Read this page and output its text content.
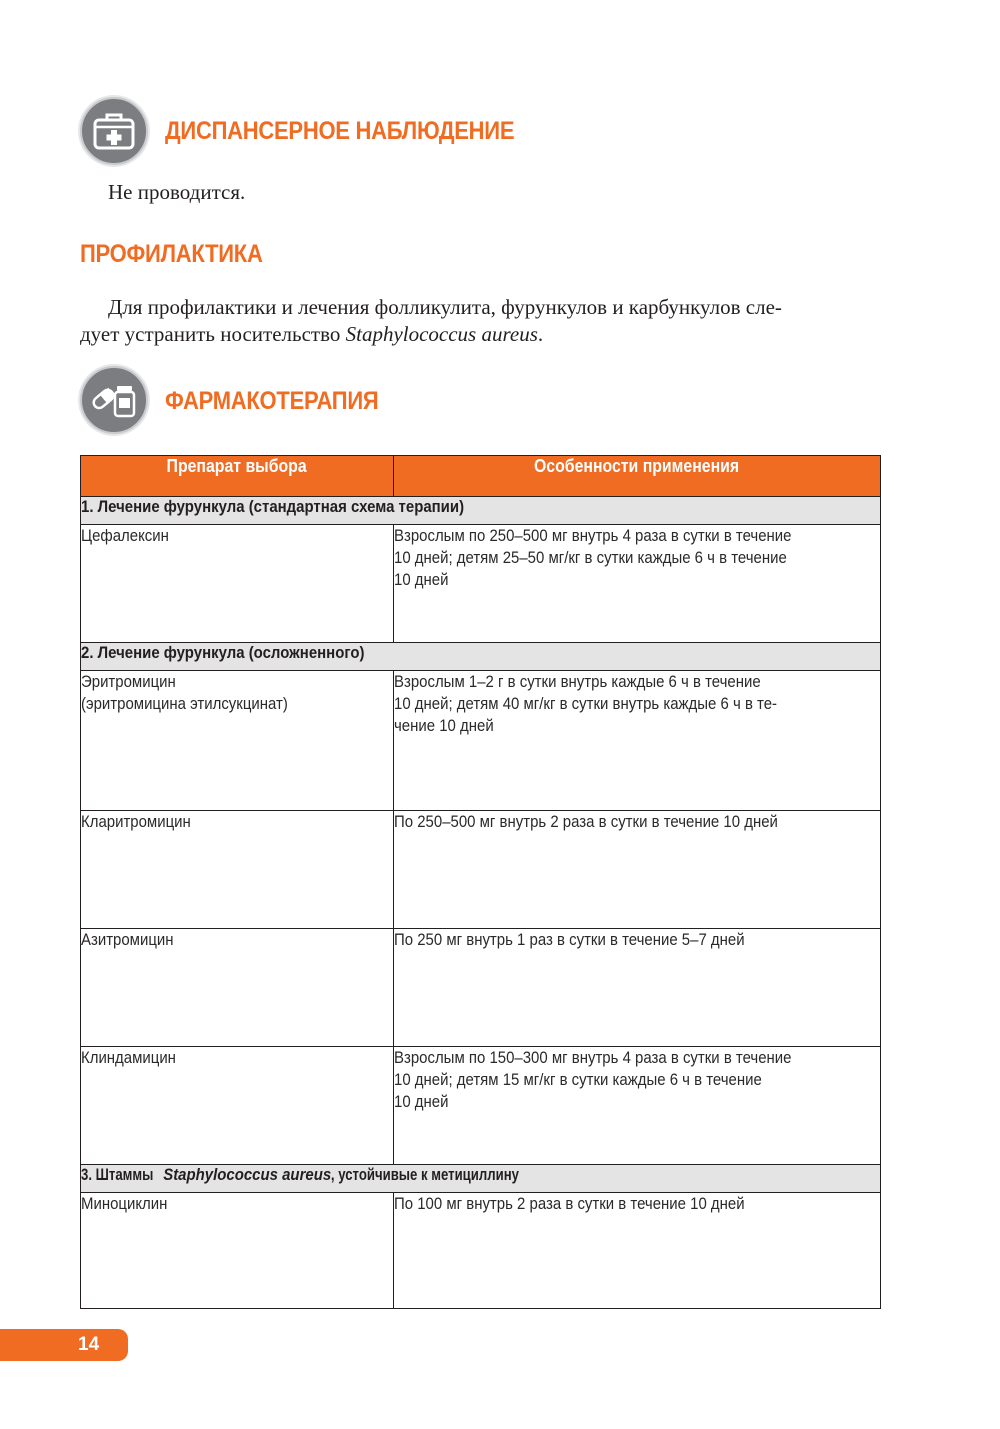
ДИСПАНСЕРНОЕ НАБЛЮДЕНИЕ

Не проводится.

ПРОФИЛАКТИКА

Для профилактики и лечения фолликулита, фурункулов и карбункулов сле-
дует устранить носительство Staphylococcus aureus.

ФАРМАКОТЕРАПИЯ
Препарат выбора	Особенности применения
1. Лечение фурункула (стандартная схема терапии)	
Цефалексин	Взрослым по 250–500 мг внутрь 4 раза в сутки в течение
10 дней; детям 25–50 мг/кг в сутки каждые 6 ч в течение
10 дней
2. Лечение фурункула (осложненного)	
Эритромицин
(эритромицина этилсукцинат)	Взрослым 1–2 г в сутки внутрь каждые 6 ч в течение
10 дней; детям 40 мг/кг в сутки внутрь каждые 6 ч в те-
чение 10 дней
Кларитромицин	По 250–500 мг внутрь 2 раза в сутки в течение 10 дней
Азитромицин	По 250 мг внутрь 1 раз в сутки в течение 5–7 дней
Клиндамицин	Взрослым по 150–300 мг внутрь 4 раза в сутки в течение
10 дней; детям 15 мг/кг в сутки каждые 6 ч в течение
10 дней
3. ШтаммыStaphylococcus aureus, устойчивые к метициллину	
Миноциклин	По 100 мг внутрь 2 раза в сутки в течение 10 дней
14
